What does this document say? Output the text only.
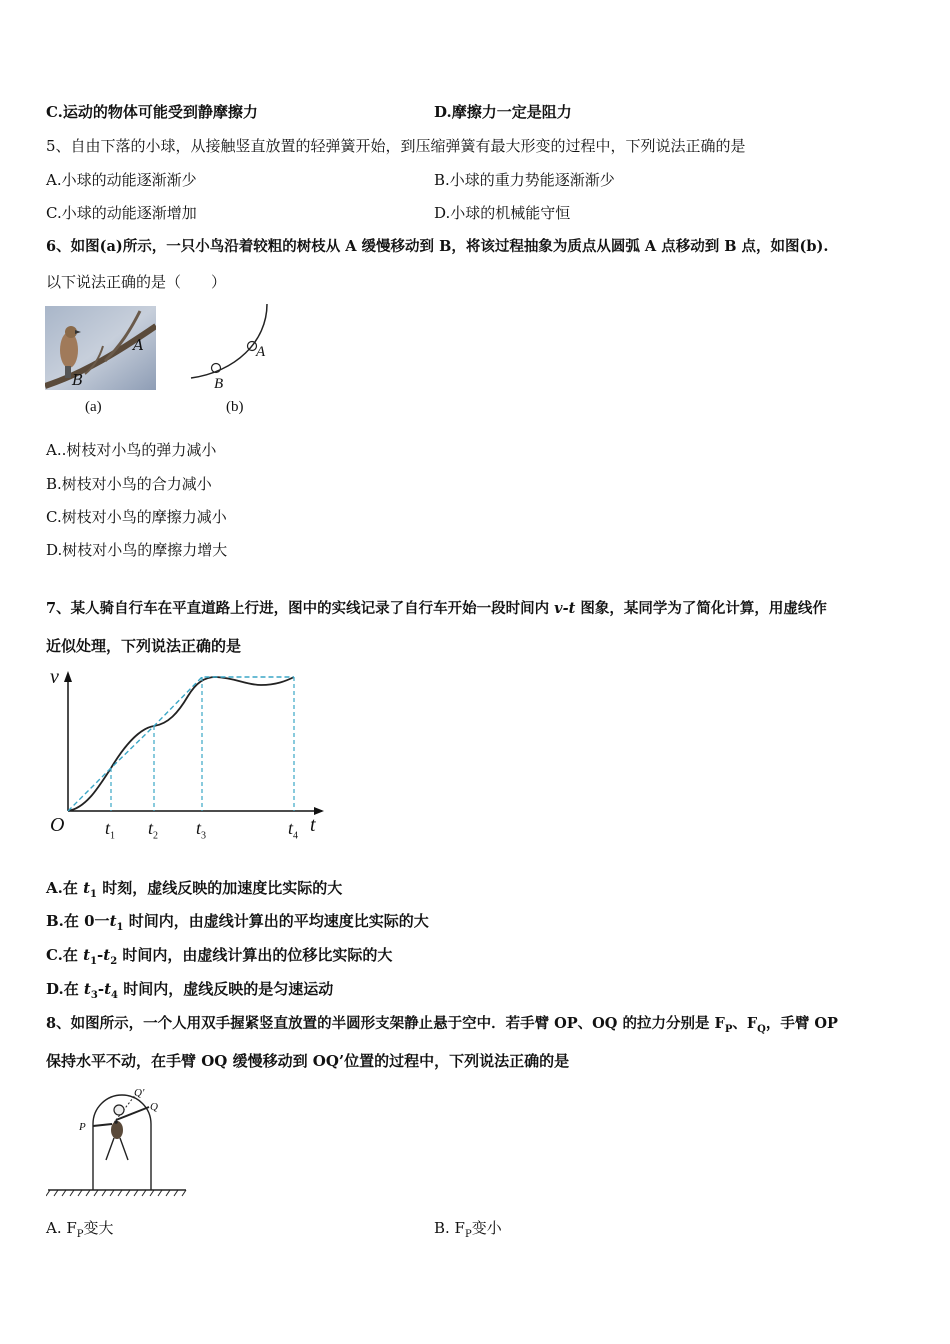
C.运动的物体可能受到静摩擦力	D.摩擦力一定是阻力
5、自由下落的小球，从接触竖直放置的轻弹簧开始，到压缩弹簧有最大形变的过程中，下列说法正确的是
A.小球的动能逐渐渐少	B.小球的重力势能逐渐渐少
C.小球的动能逐渐增加	D.小球的机械能守恒
6、如图(a)所示，一只小鸟沿着较粗的树枝从 A 缓慢移动到 B，将该过程抽象为质点从圆弧 A 点移动到 B 点，如图(b).
以下说法正确的是（　　）
A
B
(a)
A
B
(b)
A..树枝对小鸟的弹力减小
B.树枝对小鸟的合力减小
C.树枝对小鸟的摩擦力减小
D.树枝对小鸟的摩擦力增大
7、某人骑自行车在平直道路上行进，图中的实线记录了自行车开始一段时间内 v-t 图象，某同学为了简化计算，用虚线作
近似处理，下列说法正确的是
v
O	t
$t_1$ $t_2$ $t_3$	$t_4$
A.在 $t_1$ 时刻，虚线反映的加速度比实际的大
B.在 0一$t_1$ 时间内，由虚线计算出的平均速度比实际的大
C.在 $t_1-t_2$ 时间内，由虚线计算出的位移比实际的大
D.在 $t_3-t_4$ 时间内，虚线反映的是匀速运动
8、如图所示，一个人用双手握紧竖直放置的半圆形支架静止悬于空中．若手臂 OP、OQ 的拉力分别是 $F_P$、$F_Q$，手臂 OP
保持水平不动，在手臂 OQ 缓慢移动到 OQ’位置的过程中，下列说法正确的是
P
Q
Q'
A. $F_P$变大	B. $F_P$变小
